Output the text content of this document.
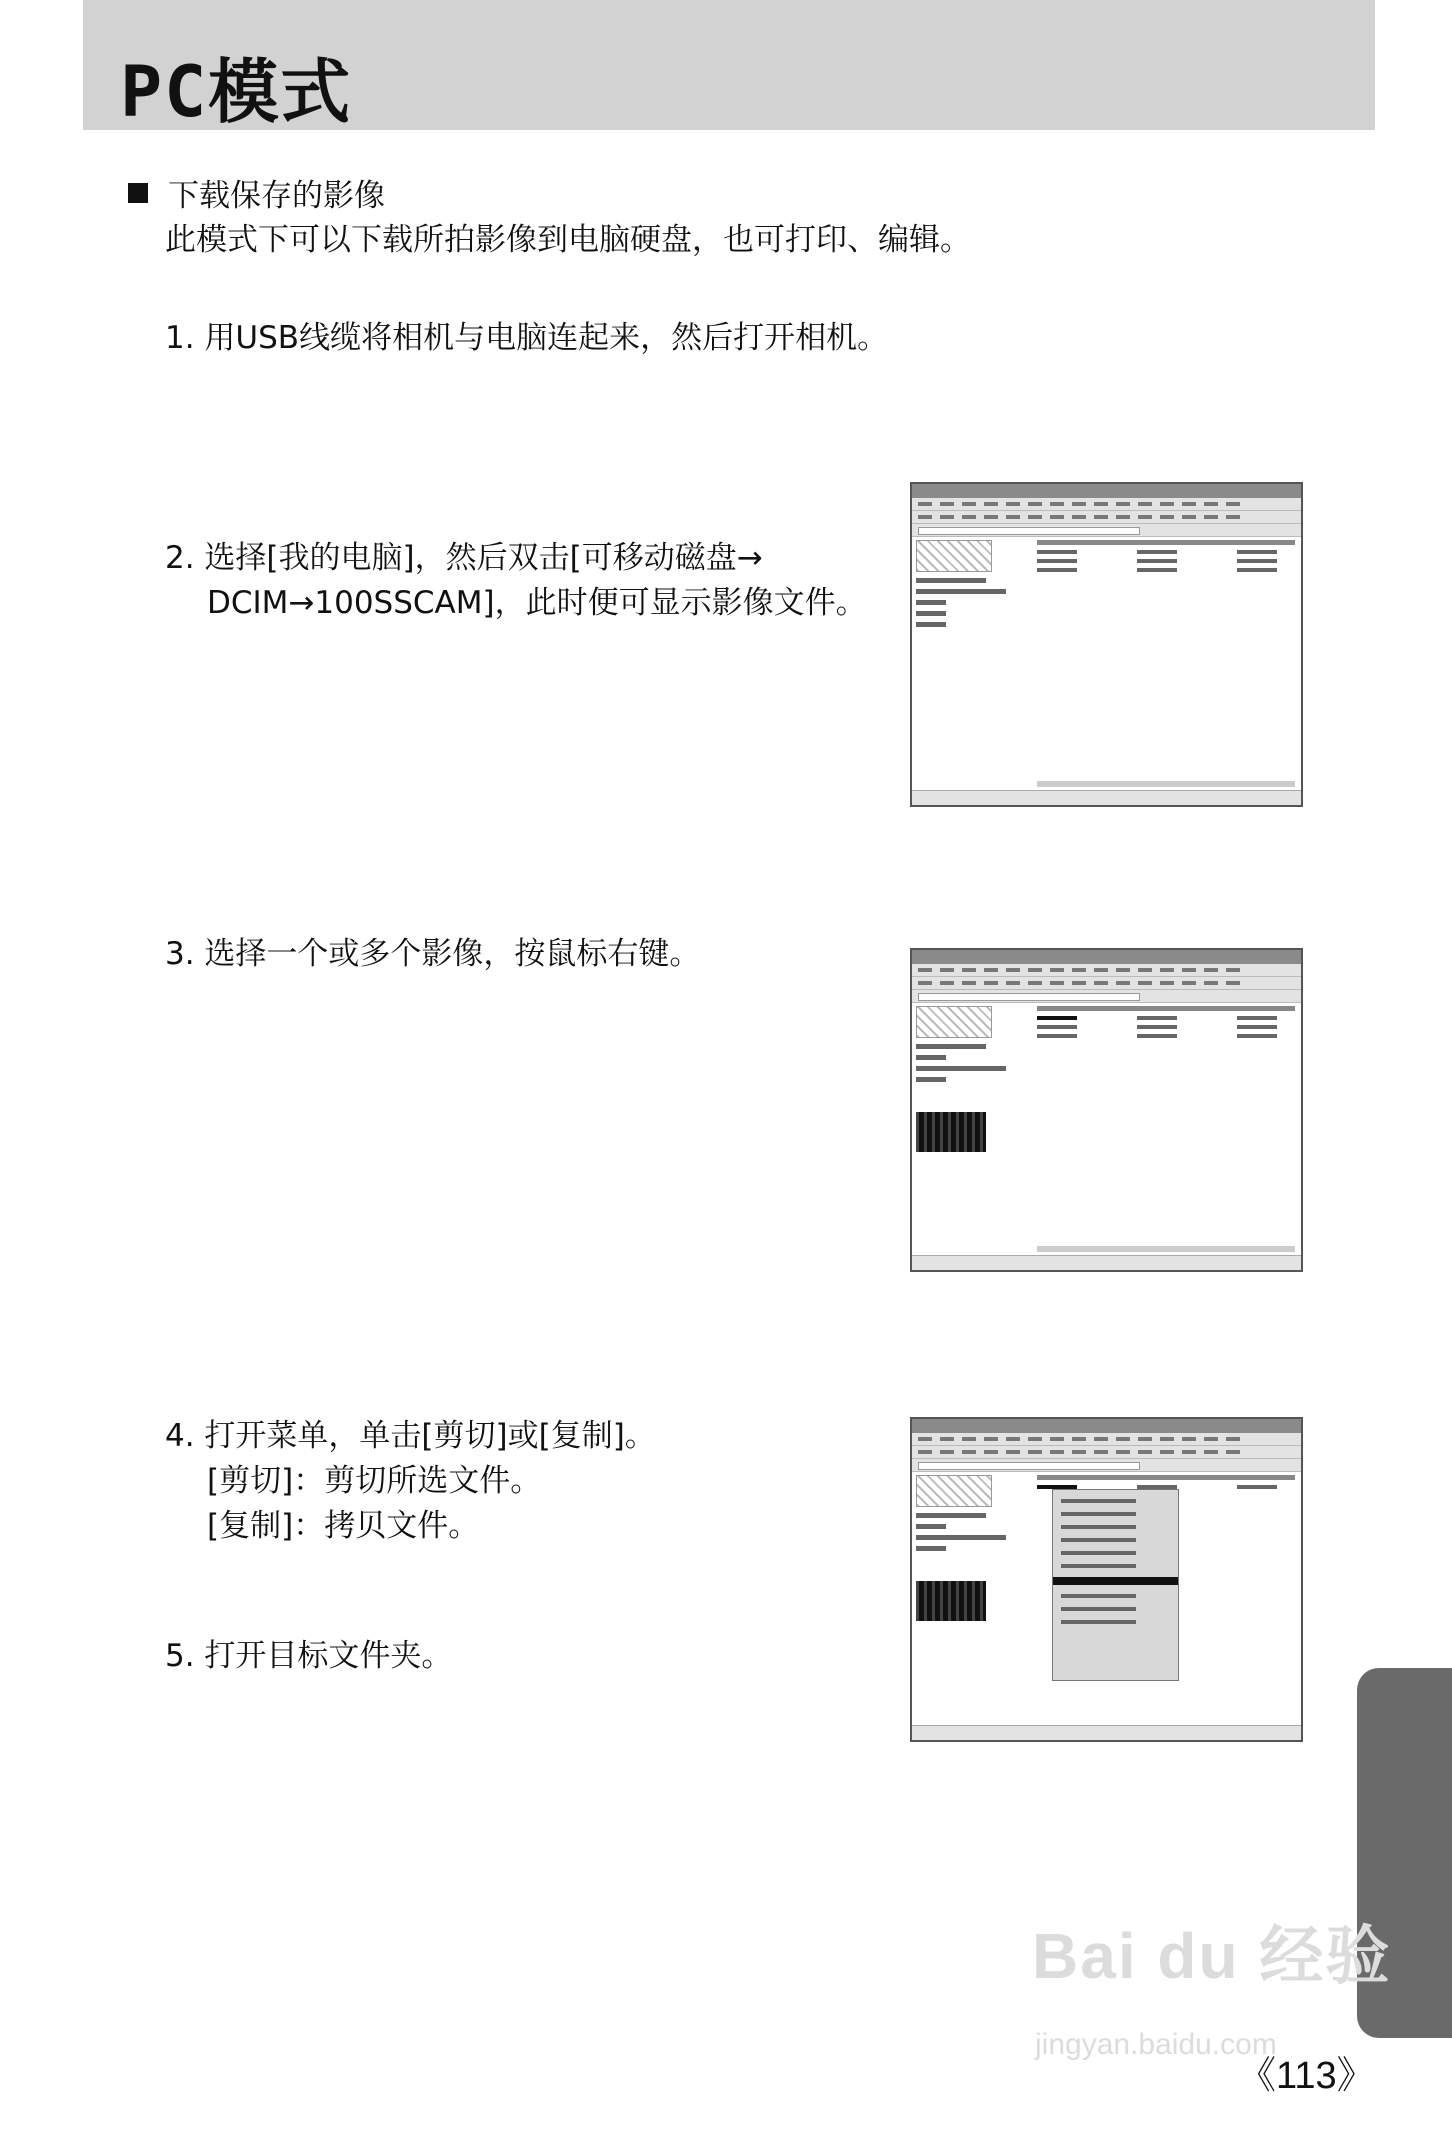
PC模式
下载保存的影像
此模式下可以下载所拍影像到电脑硬盘，也可打印、编辑。
1. 用USB线缆将相机与电脑连起来，然后打开相机。
2. 选择[我的电脑]，然后双击[可移动磁盘→
DCIM→100SSCAM]，此时便可显示影像文件。
3. 选择一个或多个影像，按鼠标右键。
4. 打开菜单，单击[剪切]或[复制]。
[剪切]：剪切所选文件。
[复制]：拷贝文件。
5. 打开目标文件夹。
Bai du 经验
jingyan.baidu.com
《113》
